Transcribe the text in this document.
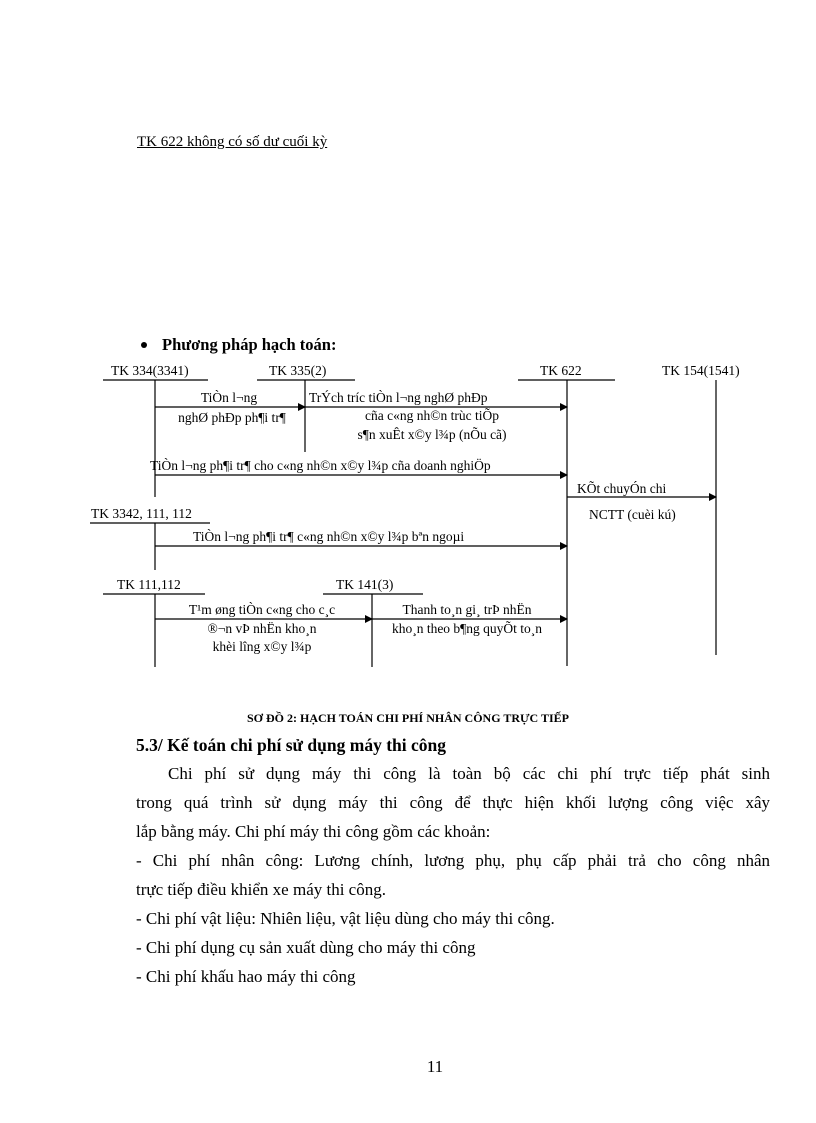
TK 622 không có số dư cuối kỳ
Phương pháp hạch toán:
TK 334(3341)	TK 335(2)	TK 622	TK 154(1541)
TK 3342, 111, 112
TK 111,112	TK 141(3)
TiÒn l¬ng
nghØ phÐp ph¶i tr¶
TrÝch tríc tiÒn l¬ng nghØ phÐp
cña c«ng nh©n trùc tiÕp
s¶n xuÊt x©y l¾p (nÕu cã)
TiÒn l¬ng ph¶i tr¶ cho c«ng nh©n x©y l¾p cña doanh nghiÖp
KÕt chuyÓn chi
NCTT (cuèi kú)
TiÒn l¬ng ph¶i tr¶ c«ng nh©n x©y l¾p bªn ngoµi
T¹m øng tiÒn c«ng cho c¸c
®¬n vÞ nhËn kho¸n
khèi lîng x©y l¾p
Thanh to¸n gi¸ trÞ nhËn
kho¸n theo b¶ng quyÕt to¸n
SƠ ĐỒ 2: HẠCH TOÁN CHI PHÍ NHÂN CÔNG TRỰC TIẾP
5.3/ Kế toán chi phí sử dụng máy thi công
Chi phí sử dụng máy thi công là toàn bộ các chi phí trực tiếp phát sinh
trong quá trình sử dụng máy thi công để thực hiện khối lượng công việc xây
lắp bằng máy. Chi phí máy thi công gồm các khoản:
- Chi phí nhân công: Lương chính, lương phụ, phụ cấp phải trả cho công nhân
trực tiếp điều khiển xe máy thi công.
- Chi phí vật liệu: Nhiên liệu, vật liệu dùng cho máy thi công.
- Chi phí dụng cụ sản xuất dùng cho máy thi công
- Chi phí khấu hao máy thi công
11
